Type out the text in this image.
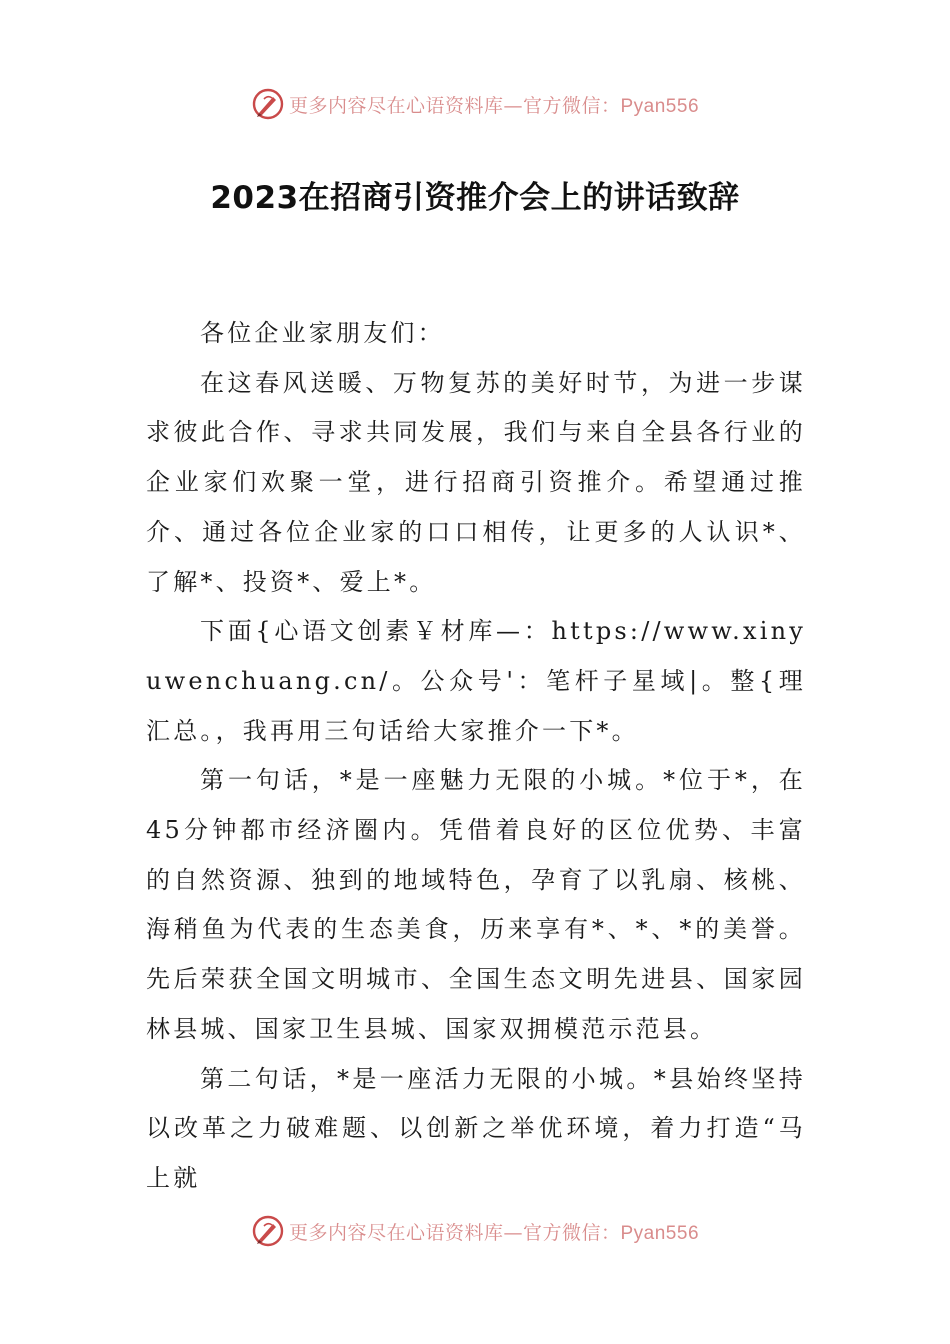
更多内容尽在心语资料库—官方微信：Pyan556
2023在招商引资推介会上的讲话致辞

各位企业家朋友们：

在这春风送暖、万物复苏的美好时节，为进一步谋求彼此合作、寻求共同发展，我们与来自全县各行业的企业家们欢聚一堂，进行招商引资推介。希望通过推介、通过各位企业家的口口相传，让更多的人认识*、了解*、投资*、爱上*。

下面{心语文创素￥材库—：https://www.xinyuwenchuang.cn/。公众号'：笔杆子星域|。整{理汇总。，我再用三句话给大家推介一下*。

第一句话，*是一座魅力无限的小城。*位于*，在45分钟都市经济圈内。凭借着良好的区位优势、丰富的自然资源、独到的地域特色，孕育了以乳扇、核桃、海稍鱼为代表的生态美食，历来享有*、*、*的美誉。先后荣获全国文明城市、全国生态文明先进县、国家园林县城、国家卫生县城、国家双拥模范示范县。

第二句话，*是一座活力无限的小城。*县始终坚持以改革之力破难题、以创新之举优环境，着力打造“马上就

更多内容尽在心语资料库—官方微信：Pyan556
